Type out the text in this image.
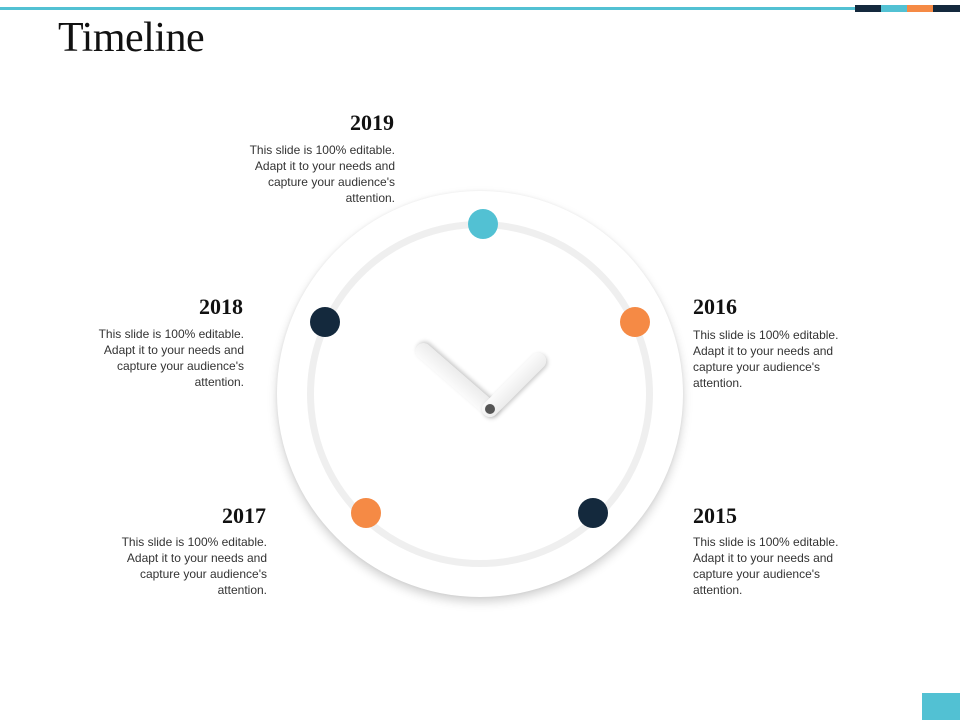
Timeline
2019
This slide is 100% editable. Adapt it to your needs and capture your audience's attention.
2018
This slide is 100% editable. Adapt it to your needs and capture your audience's attention.
2016
This slide is 100% editable. Adapt it to your needs and capture your audience's attention.
2017
This slide is 100% editable. Adapt it to your needs and capture your audience's attention.
2015
This slide is 100% editable. Adapt it to your needs and capture your audience's attention.
